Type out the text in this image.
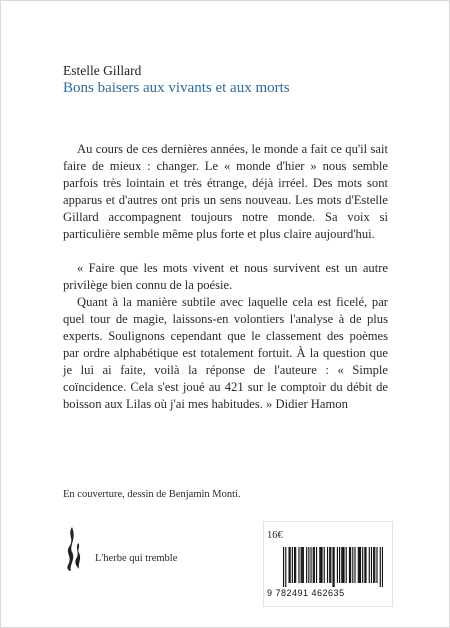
Estelle Gillard
Bons baisers aux vivants et aux morts

Au cours de ces dernières années, le monde a fait ce qu'il sait faire de mieux : changer. Le « monde d'hier » nous semble parfois très lointain et très étrange, déjà irréel. Des mots sont apparus et d'autres ont pris un sens nouveau. Les mots d'Estelle Gillard accompagnent toujours notre monde. Sa voix si particulière semble même plus forte et plus claire aujourd'hui.

« Faire que les mots vivent et nous survivent est un autre privilège bien connu de la poésie.

Quant à la manière subtile avec laquelle cela est ficelé, par quel tour de magie, laissons-en volontiers l'analyse à de plus experts. Soulignons cependant que le classement des poèmes par ordre alphabétique est totalement fortuit. À la question que je lui ai faite, voilà la réponse de l'auteure : « Simple coïncidence. Cela s'est joué au 421 sur le comptoir du débit de boisson aux Lilas où j'ai mes habitudes. » Didier Hamon

En couverture, dessin de Benjamin Monti.
L'herbe qui tremble
16€
9 782491 462635
